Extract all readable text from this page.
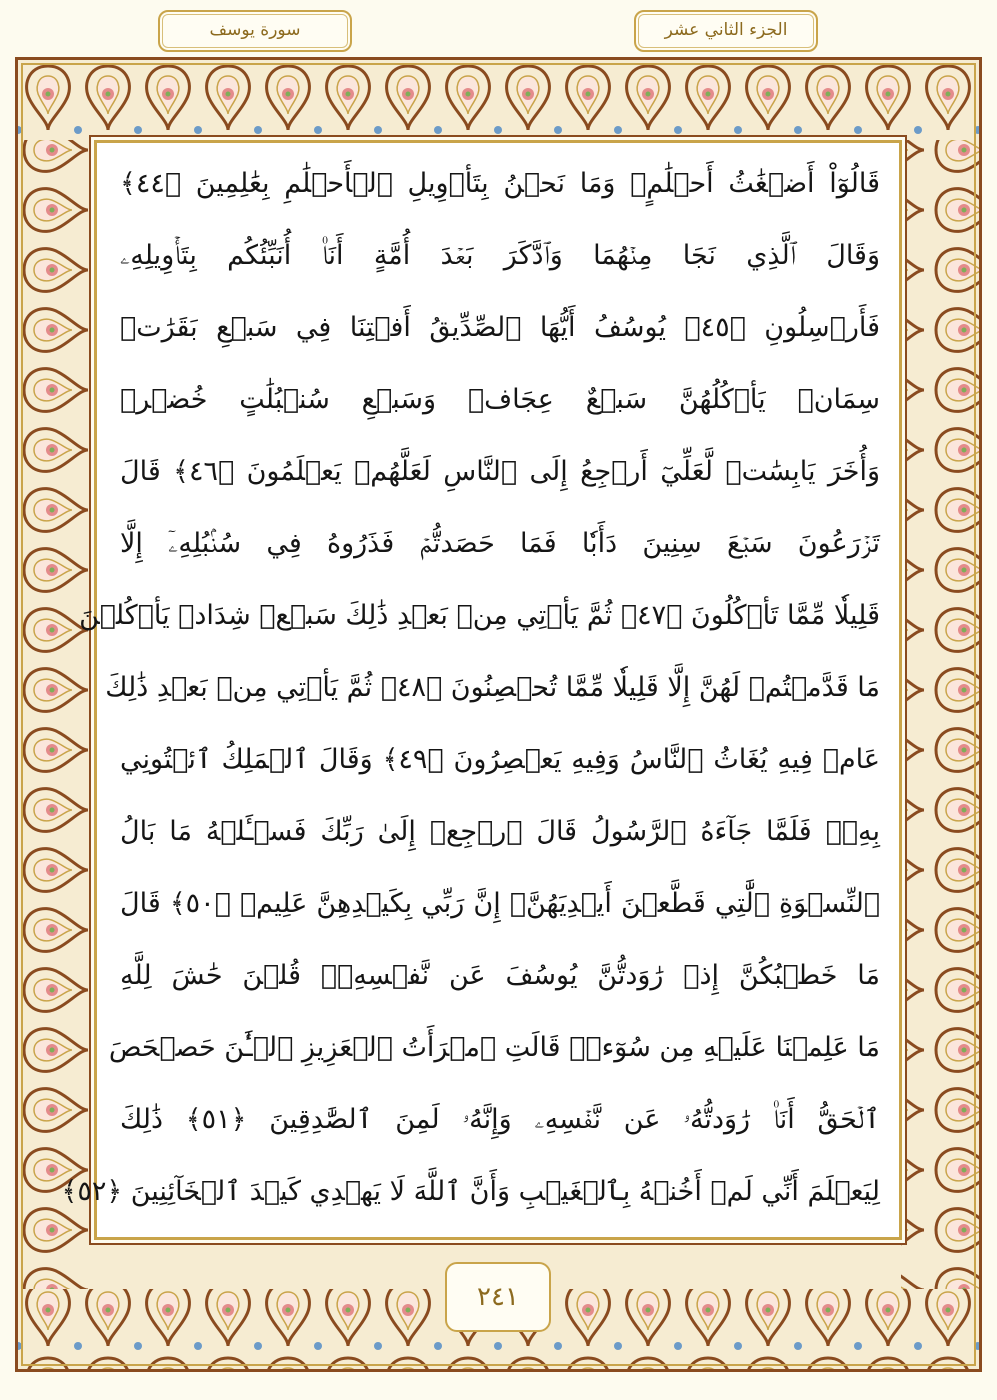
سورة يوسف	الجزء الثاني عشر
قَالُوٓاْ أَضۡغَٰثُ أَحۡلَٰمٍۖ وَمَا نَحۡنُ بِتَأۡوِيلِ ٱلۡأَحۡلَٰمِ بِعَٰلِمِينَ ﴿٤٤﴾
وَقَالَ ٱلَّذِي نَجَا مِنۡهُمَا وَٱدَّكَرَ بَعۡدَ أُمَّةٍ أَنَا۠ أُنَبِّئُكُم بِتَأۡوِيلِهِۦ
فَأَرۡسِلُونِ ﴿٤٥﴾ يُوسُفُ أَيُّهَا ٱلصِّدِّيقُ أَفۡتِنَا فِي سَبۡعِ بَقَرَٰتٖ
سِمَانٖ يَأۡكُلُهُنَّ سَبۡعٌ عِجَافٞ وَسَبۡعِ سُنۢبُلَٰتٍ خُضۡرٖ
وَأُخَرَ يَابِسَٰتٖ لَّعَلِّيٓ أَرۡجِعُ إِلَى ٱلنَّاسِ لَعَلَّهُمۡ يَعۡلَمُونَ ﴿٤٦﴾ قَالَ
تَزۡرَعُونَ سَبۡعَ سِنِينَ دَأَبٗا فَمَا حَصَدتُّمۡ فَذَرُوهُ فِي سُنۢبُلِهِۦٓ إِلَّا
قَلِيلٗا مِّمَّا تَأۡكُلُونَ ﴿٤٧﴾ ثُمَّ يَأۡتِي مِنۢ بَعۡدِ ذَٰلِكَ سَبۡعٞ شِدَادٞ يَأۡكُلۡنَ
مَا قَدَّمۡتُمۡ لَهُنَّ إِلَّا قَلِيلٗا مِّمَّا تُحۡصِنُونَ ﴿٤٨﴾ ثُمَّ يَأۡتِي مِنۢ بَعۡدِ ذَٰلِكَ
عَامٞ فِيهِ يُغَاثُ ٱلنَّاسُ وَفِيهِ يَعۡصِرُونَ ﴿٤٩﴾ وَقَالَ ٱلۡمَلِكُ ٱئۡتُونِي
بِهِۦۖ فَلَمَّا جَآءَهُ ٱلرَّسُولُ قَالَ ٱرۡجِعۡ إِلَىٰ رَبِّكَ فَسۡـَٔلۡهُ مَا بَالُ
ٱلنِّسۡوَةِ ٱلَّٰتِي قَطَّعۡنَ أَيۡدِيَهُنَّۚ إِنَّ رَبِّي بِكَيۡدِهِنَّ عَلِيمٞ ﴿٥٠﴾ قَالَ
مَا خَطۡبُكُنَّ إِذۡ رَٰوَدتُّنَّ يُوسُفَ عَن نَّفۡسِهِۦۚ قُلۡنَ حَٰشَ لِلَّهِ
مَا عَلِمۡنَا عَلَيۡهِ مِن سُوٓءٖۚ قَالَتِ ٱمۡرَأَتُ ٱلۡعَزِيزِ ٱلۡـَٰٔنَ حَصۡحَصَ
ٱلۡحَقُّ أَنَا۠ رَٰوَدتُّهُۥ عَن نَّفۡسِهِۦ وَإِنَّهُۥ لَمِنَ ٱلصَّٰدِقِينَ ﴿٥١﴾ ذَٰلِكَ
لِيَعۡلَمَ أَنِّي لَمۡ أَخُنۡهُ بِٱلۡغَيۡبِ وَأَنَّ ٱللَّهَ لَا يَهۡدِي كَيۡدَ ٱلۡخَآئِنِينَ ﴿٥٢﴾
٢٤١
